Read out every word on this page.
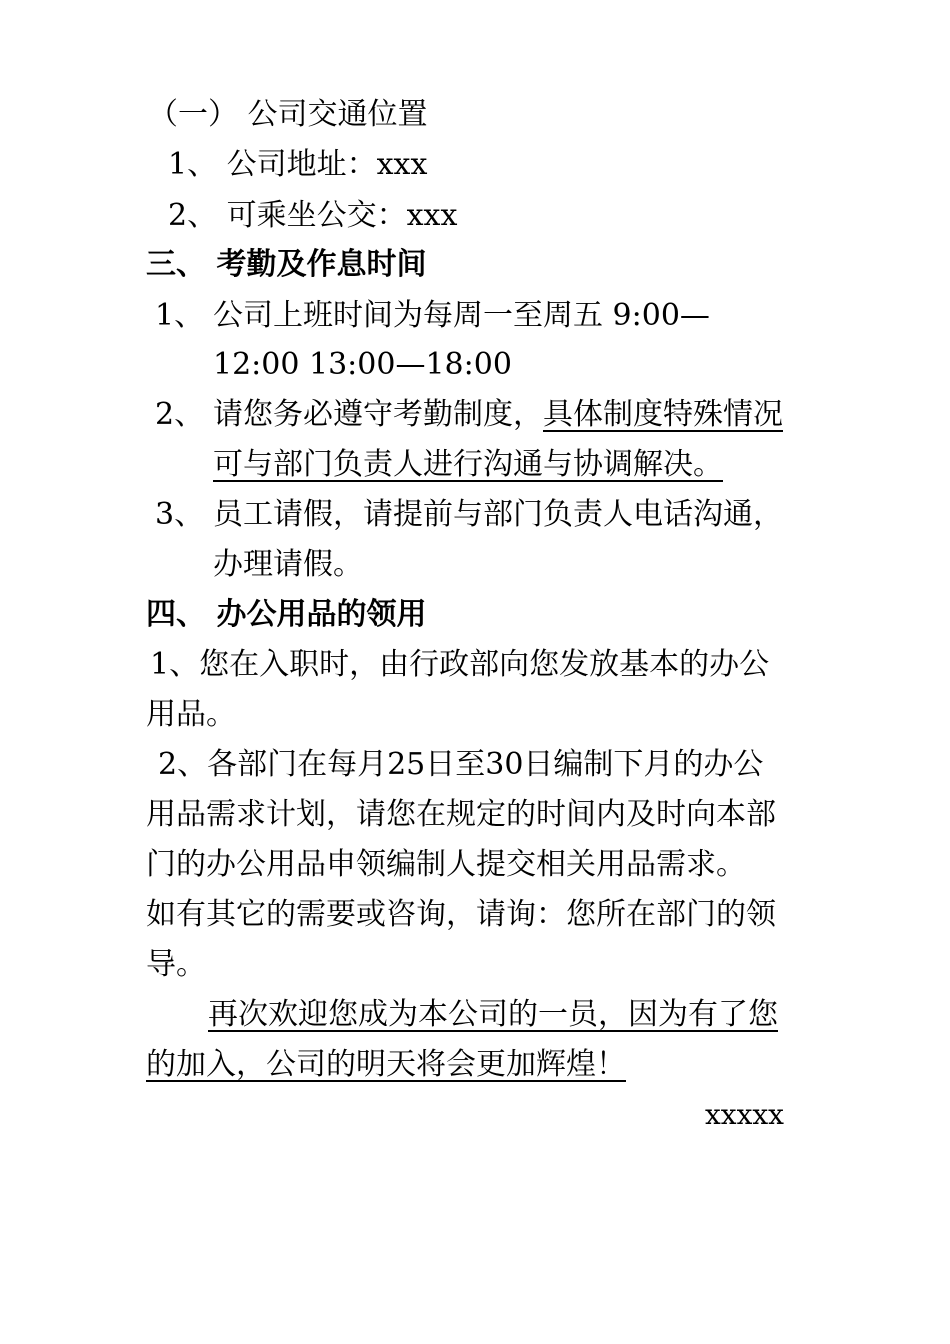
（一） 公司交通位置
1、 公司地址：xxx
2、 可乘坐公交：xxx
三、 考勤及作息时间
1、 公司上班时间为每周一至周五 9:00—
12:00 13:00—18:00
2、 请您务必遵守考勤制度，具体制度特殊情况
可与部门负责人进行沟通与协调解决。
3、 员工请假，请提前与部门负责人电话沟通，
办理请假。
四、 办公用品的领用
1、您在入职时，由行政部向您发放基本的办公
用品。
2、各部门在每月25日至30日编制下月的办公
用品需求计划，请您在规定的时间内及时向本部
门的办公用品申领编制人提交相关用品需求。
如有其它的需要或咨询，请询：您所在部门的领
导。
再次欢迎您成为本公司的一员，因为有了您
的加入，公司的明天将会更加辉煌！
xxxxx
